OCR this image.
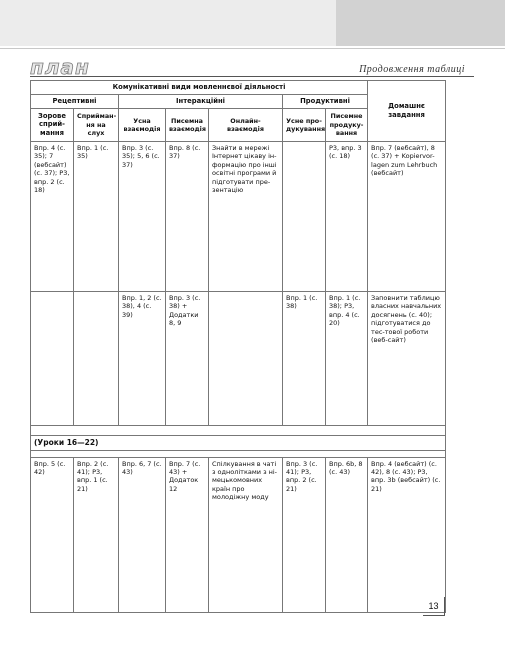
план	Продовження таблиці
Комунікативні види мовленнєвої діяльності							Домашнє завдання
Рецептивні		Інтеракційні			Продуктивні		
Зорове сприй-мання	Сприйман-ня на слух	Усна взаємодія	Писемна взаємодія	Онлайн-взаємодія	Усне про-дукування	Писемне продуку-вання	
Впр. 4 (с. 35); 7 (вебсайт) (с. 37); Р3, впр. 2 (с. 18)	Впр. 1 (с. 35)	Впр. 3 (с. 35); 5, 6 (с. 37)	Впр. 8 (с. 37)	Знайти в мережі Інтернет цікаву ін-формацію про інші освітні програми й підготувати пре-зентацію		Р3, впр. 3 (с. 18)	Впр. 7 (вебсайт), 8 (с. 37) + Kopiervor-lagen zum Lehrbuch (вебсайт)
		Впр. 1, 2 (с. 38), 4 (с. 39)	Впр. 3 (с. 38) + Додатки 8, 9		Впр. 1 (с. 38)	Впр. 1 (с. 38); Р3, впр. 4 (с. 20)	Заповнити таблицю власних навчальних досягнень (с. 40); підготуватися до тес-тової роботи (веб-сайт)

(Уроки 16—22)							

Впр. 5 (с. 42)	Впр. 2 (с. 41); Р3, впр. 1 (с. 21)	Впр. 6, 7 (с. 43)	Впр. 7 (с. 43) + Додаток 12	Спілкування в чаті з однолітками з ні-мецькомовних країн про молодіжну моду	Впр. 3 (с. 41); Р3, впр. 2 (с. 21)	Впр. 6b, 8 (с. 43)	Впр. 4 (вебсайт) (с. 42), 8 (с. 43); Р3, впр. 3b (вебсайт) (с. 21)
13
